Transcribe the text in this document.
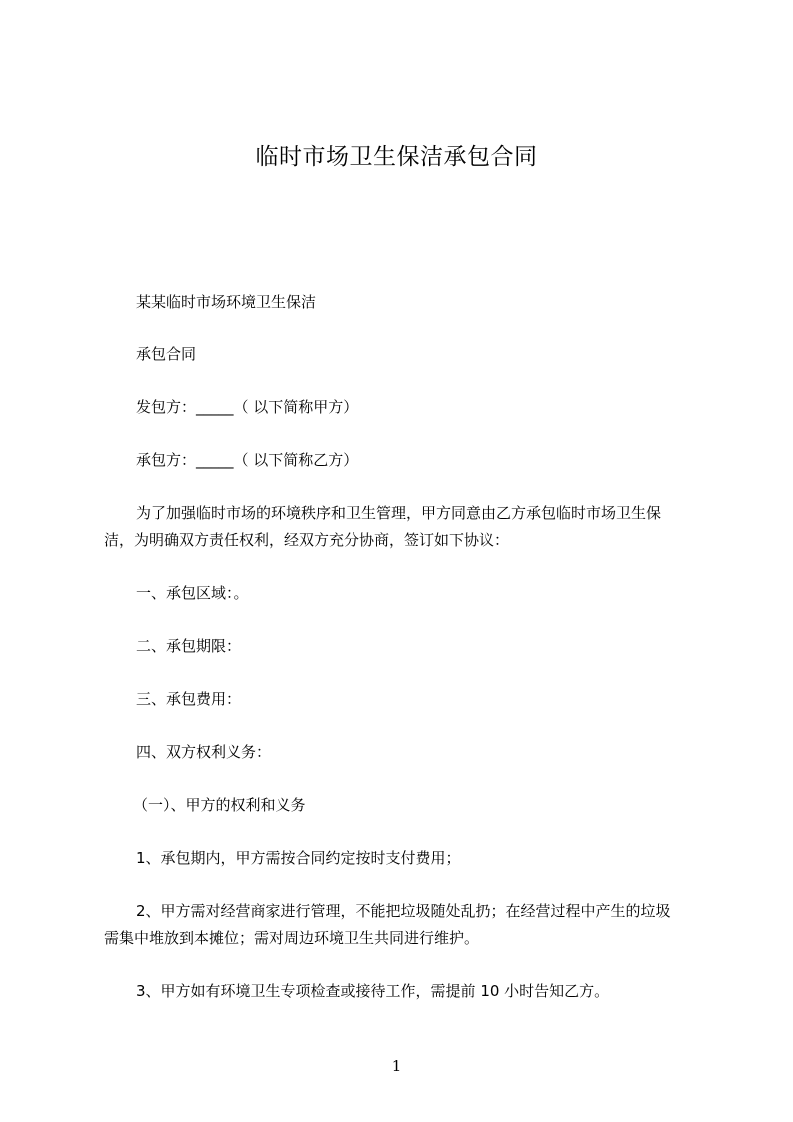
临时市场卫生保洁承包合同
某某临时市场环境卫生保洁
承包合同
发包方：_____（ 以下简称甲方）
承包方：_____（ 以下简称乙方）
为了加强临时市场的环境秩序和卫生管理，甲方同意由乙方承包临时市场卫生保
洁，为明确双方责任权利，经双方充分协商，签订如下协议：
一、承包区域：。
二、承包期限：
三、承包费用：
四、双方权利义务：
（一）、甲方的权利和义务
1、承包期内，甲方需按合同约定按时支付费用；
2、甲方需对经营商家进行管理，不能把垃圾随处乱扔；在经营过程中产生的垃圾
需集中堆放到本摊位；需对周边环境卫生共同进行维护。
3、甲方如有环境卫生专项检查或接待工作，需提前 10 小时告知乙方。
1
